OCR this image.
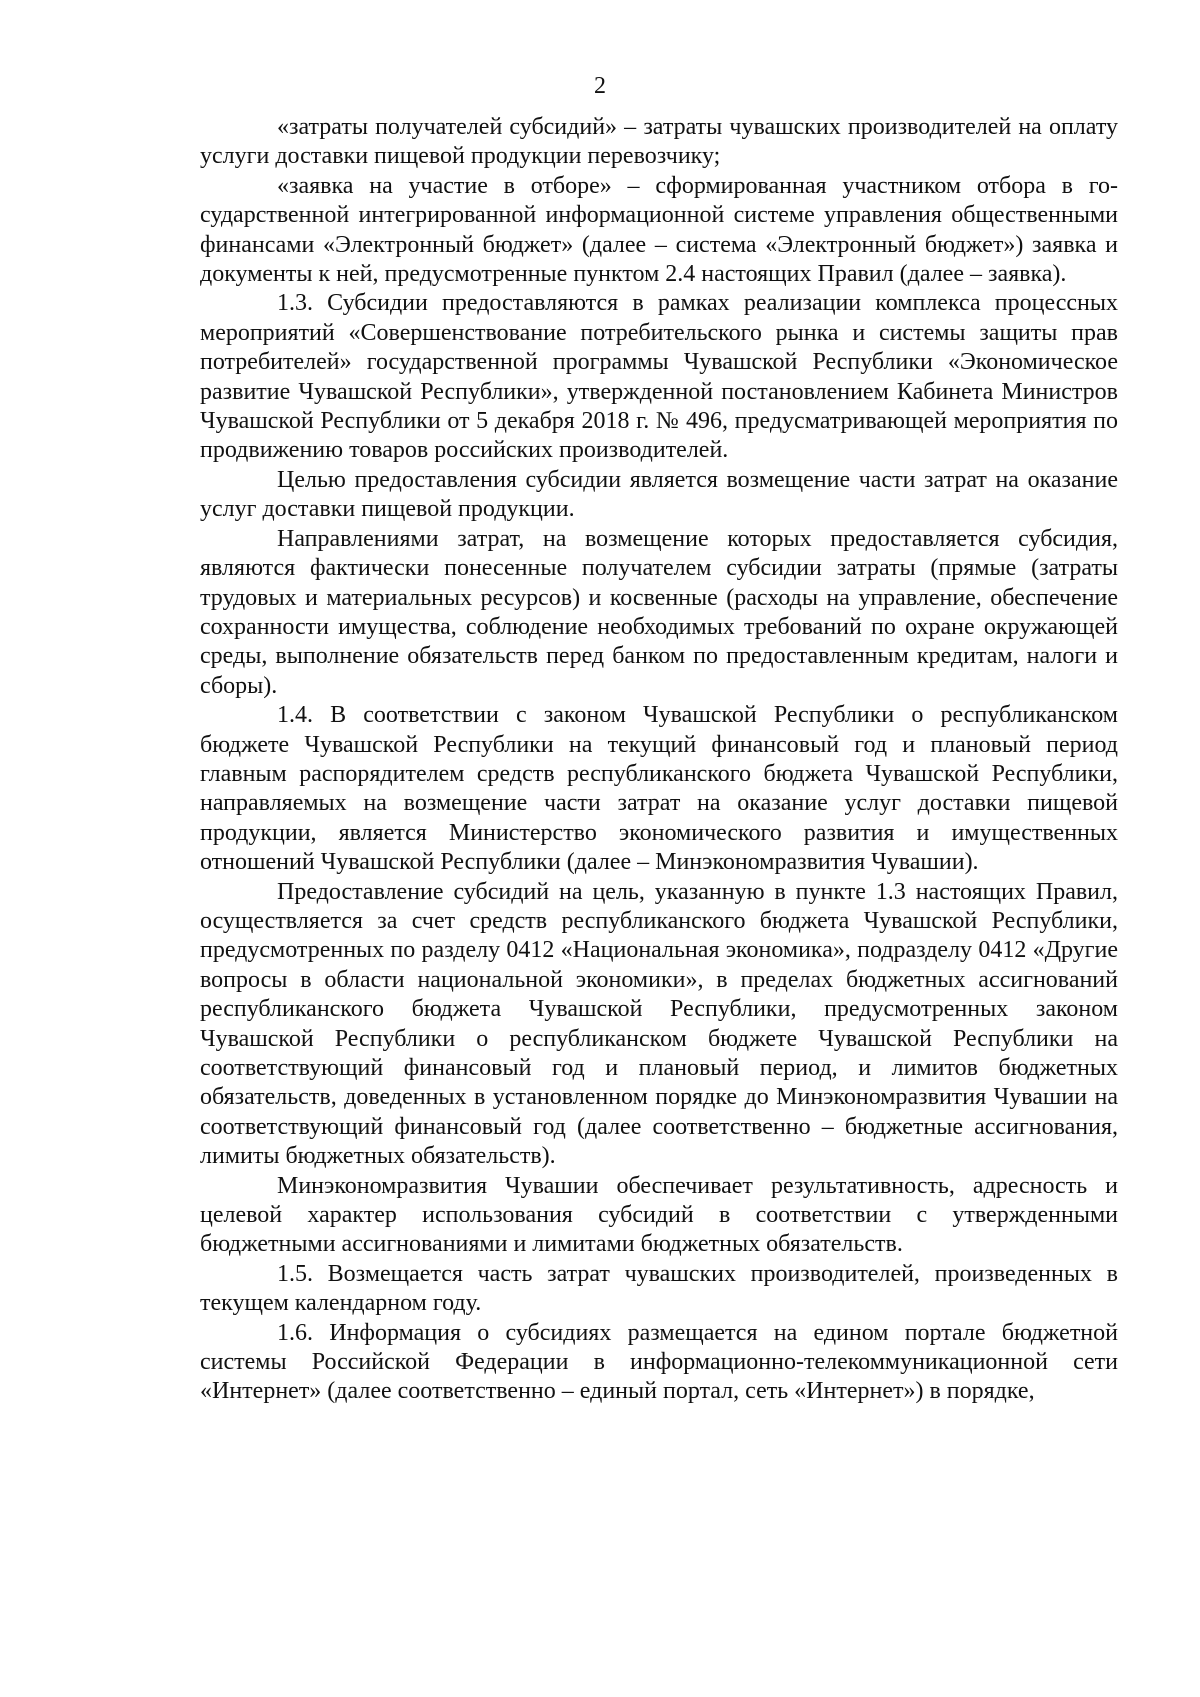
2

«затраты получателей субсидий» – затраты чувашских производителей на оплату услуги доставки пищевой продукции перевозчику;

«заявка на участие в отборе» – сформированная участником отбора в государственной интегрированной информационной системе управления общественными финансами «Электронный бюджет» (далее – система «Электронный бюджет») заявка и документы к ней, предусмотренные пунктом 2.4 настоящих Правил (далее – заявка).

1.3. Субсидии предоставляются в рамках реализации комплекса процессных мероприятий «Совершенствование потребительского рынка и системы защиты прав потребителей» государственной программы Чувашской Республики «Экономическое развитие Чувашской Республики», утвержденной постановлением Кабинета Министров Чувашской Республики от 5 декабря 2018 г. № 496, предусматривающей мероприятия по продвижению товаров российских производителей.

Целью предоставления субсидии является возмещение части затрат на оказание услуг доставки пищевой продукции.

Направлениями затрат, на возмещение которых предоставляется субсидия, являются фактически понесенные получателем субсидии затраты (прямые (затраты трудовых и материальных ресурсов) и косвенные (расходы на управление, обеспечение сохранности имущества, соблюдение необходимых требований по охране окружающей среды, выполнение обязательств перед банком по предоставленным кредитам, налоги и сборы).

1.4. В соответствии с законом Чувашской Республики о республиканском бюджете Чувашской Республики на текущий финансовый год и плановый период главным распорядителем средств республиканского бюджета Чувашской Республики, направляемых на возмещение части затрат на оказание услуг доставки пищевой продукции, является Министерство экономического развития и имущественных отношений Чувашской Республики (далее – Минэкономразвития Чувашии).

Предоставление субсидий на цель, указанную в пункте 1.3 настоящих Правил, осуществляется за счет средств республиканского бюджета Чувашской Республики, предусмотренных по разделу 0412 «Национальная экономика», подразделу 0412 «Другие вопросы в области национальной экономики», в пределах бюджетных ассигнований республиканского бюджета Чувашской Республики, предусмотренных законом Чувашской Республики о республиканском бюджете Чувашской Республики на соответствующий финансовый год и плановый период, и лимитов бюджетных обязательств, доведенных в установленном порядке до Минэкономразвития Чувашии на соответствующий финансовый год (далее соответственно – бюджетные ассигнования, лимиты бюджетных обязательств).

Минэкономразвития Чувашии обеспечивает результативность, адресность и целевой характер использования субсидий в соответствии с утвержденными бюджетными ассигнованиями и лимитами бюджетных обязательств.

1.5. Возмещается часть затрат чувашских производителей, произведенных в текущем календарном году.

1.6. Информация о субсидиях размещается на едином портале бюджетной системы Российской Федерации в информационно-телекоммуникационной сети «Интернет» (далее соответственно – единый портал, сеть «Интернет») в порядке,
